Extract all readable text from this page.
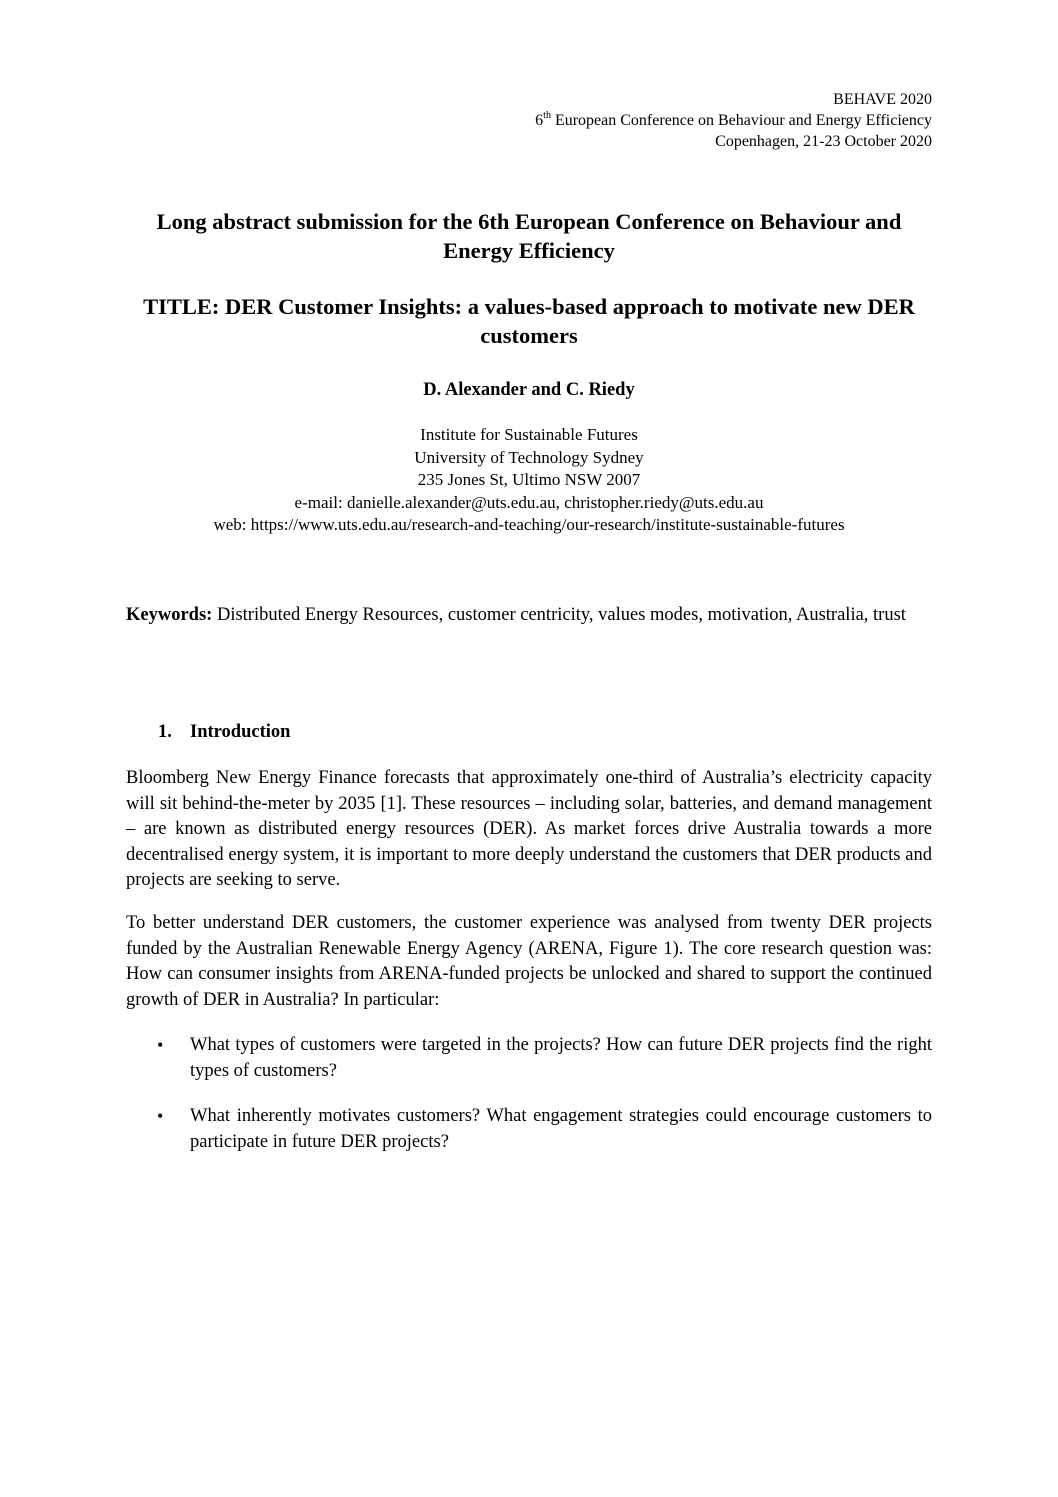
BEHAVE 2020
6th European Conference on Behaviour and Energy Efficiency
Copenhagen, 21-23 October 2020
Long abstract submission for the 6th European Conference on Behaviour and Energy Efficiency
TITLE: DER Customer Insights: a values-based approach to motivate new DER customers
D. Alexander and C. Riedy
Institute for Sustainable Futures
University of Technology Sydney
235 Jones St, Ultimo NSW 2007
e-mail: danielle.alexander@uts.edu.au, christopher.riedy@uts.edu.au
web: https://www.uts.edu.au/research-and-teaching/our-research/institute-sustainable-futures
Keywords: Distributed Energy Resources, customer centricity, values modes, motivation, Australia, trust
1. Introduction
Bloomberg New Energy Finance forecasts that approximately one-third of Australia’s electricity capacity will sit behind-the-meter by 2035 [1]. These resources – including solar, batteries, and demand management – are known as distributed energy resources (DER). As market forces drive Australia towards a more decentralised energy system, it is important to more deeply understand the customers that DER products and projects are seeking to serve.
To better understand DER customers, the customer experience was analysed from twenty DER projects funded by the Australian Renewable Energy Agency (ARENA, Figure 1). The core research question was: How can consumer insights from ARENA-funded projects be unlocked and shared to support the continued growth of DER in Australia? In particular:
• What types of customers were targeted in the projects? How can future DER projects find the right types of customers?
• What inherently motivates customers? What engagement strategies could encourage customers to participate in future DER projects?
